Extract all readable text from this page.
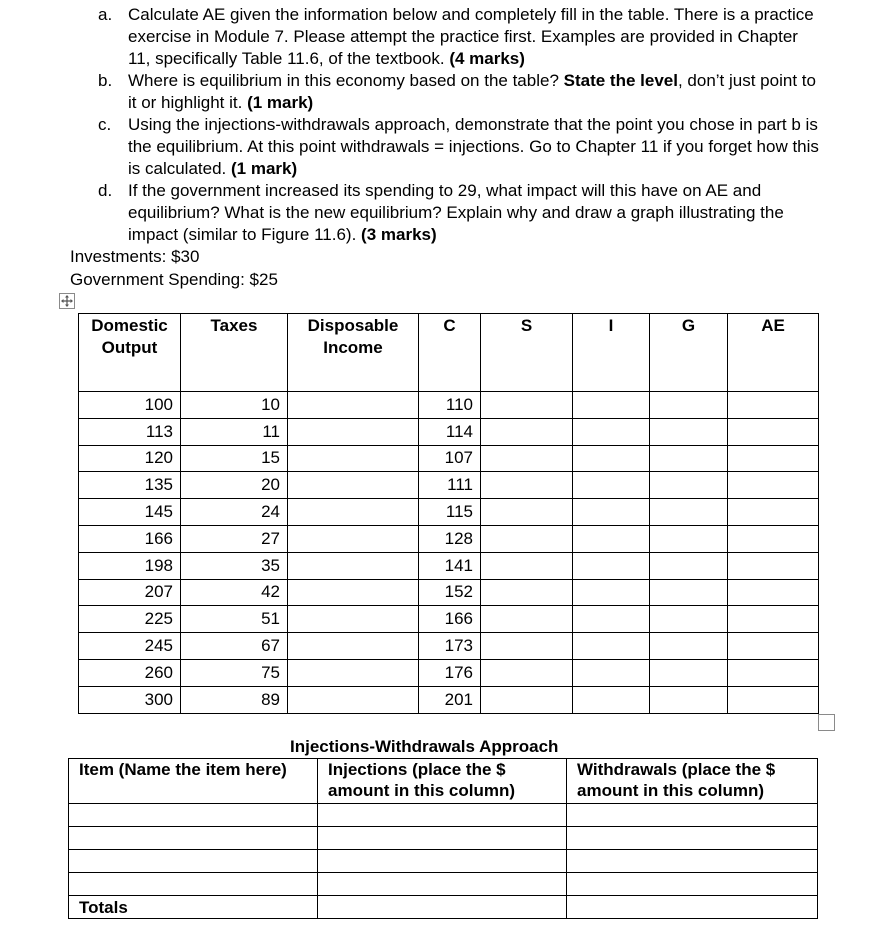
a. Calculate AE given the information below and completely fill in the table. There is a practice exercise in Module 7. Please attempt the practice first. Examples are provided in Chapter 11, specifically Table 11.6, of the textbook. (4 marks)

b. Where is equilibrium in this economy based on the table? State the level, don’t just point to it or highlight it. (1 mark)

c. Using the injections-withdrawals approach, demonstrate that the point you chose in part b is the equilibrium. At this point withdrawals = injections. Go to Chapter 11 if you forget how this is calculated. (1 mark)

d. If the government increased its spending to 29, what impact will this have on AE and equilibrium? What is the new equilibrium? Explain why and draw a graph illustrating the impact (similar to Figure 11.6). (3 marks)

Investments: $30
Government Spending: $25
Domestic Output	Taxes	Disposable Income	C	S	I	G	AE
100	10		110				
113	11		114				
120	15		107				
135	20		111				
145	24		115				
166	27		128				
198	35		141				
207	42		152				
225	51		166				
245	67		173				
260	75		176				
300	89		201				
Injections-Withdrawals Approach
Item (Name the item here)	Injections (place the $ amount in this column)	Withdrawals (place the $ amount in this column)

Totals		
